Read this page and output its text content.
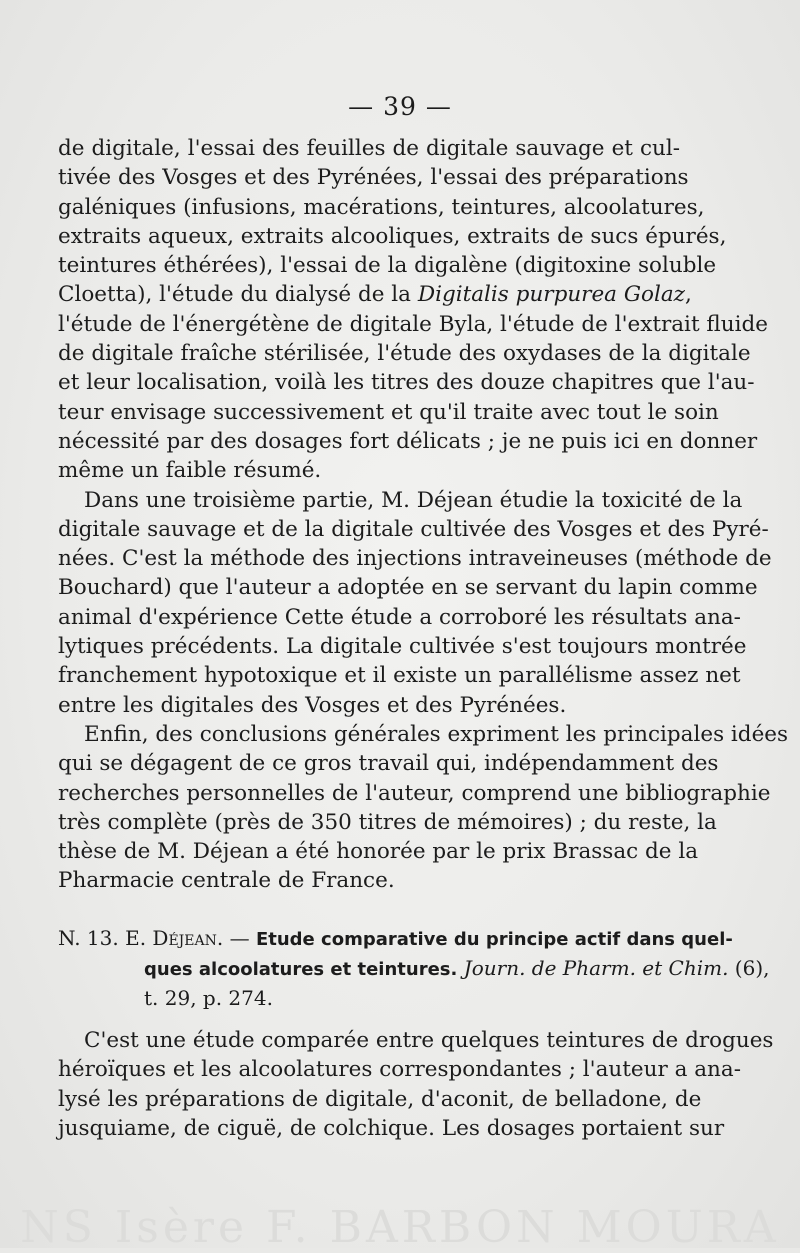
— 39 —
de digitale, l'essai des feuilles de digitale sauvage et cul-
tivée des Vosges et des Pyrénées, l'essai des préparations
galéniques (infusions, macérations, teintures, alcoolatures,
extraits aqueux, extraits alcooliques, extraits de sucs épurés,
teintures éthérées), l'essai de la digalène (digitoxine soluble
Cloetta), l'étude du dialysé de la Digitalis purpurea Golaz,
l'étude de l'énergétène de digitale Byla, l'étude de l'extrait fluide
de digitale fraîche stérilisée, l'étude des oxydases de la digitale
et leur localisation, voilà les titres des douze chapitres que l'au-
teur envisage successivement et qu'il traite avec tout le soin
nécessité par des dosages fort délicats ; je ne puis ici en donner
même un faible résumé.
Dans une troisième partie, M. Déjean étudie la toxicité de la
digitale sauvage et de la digitale cultivée des Vosges et des Pyré-
nées. C'est la méthode des injections intraveineuses (méthode de
Bouchard) que l'auteur a adoptée en se servant du lapin comme
animal d'expérience Cette étude a corroboré les résultats ana-
lytiques précédents. La digitale cultivée s'est toujours montrée
franchement hypotoxique et il existe un parallélisme assez net
entre les digitales des Vosges et des Pyrénées.
Enfin, des conclusions générales expriment les principales idées
qui se dégagent de ce gros travail qui, indépendamment des
recherches personnelles de l'auteur, comprend une bibliographie
très complète (près de 350 titres de mémoires) ; du reste, la
thèse de M. Déjean a été honorée par le prix Brassac de la
Pharmacie centrale de France.
N. 13. E. Déjean. — Etude comparative du principe actif dans quel-
ques alcoolatures et teintures. Journ. de Pharm. et Chim. (6),
t. 29, p. 274.
C'est une étude comparée entre quelques teintures de drogues
héroïques et les alcoolatures correspondantes ; l'auteur a ana-
lysé les préparations de digitale, d'aconit, de belladone, de
jusquiame, de ciguë, de colchique. Les dosages portaient sur
NS Isère F. BARBON MOURA
